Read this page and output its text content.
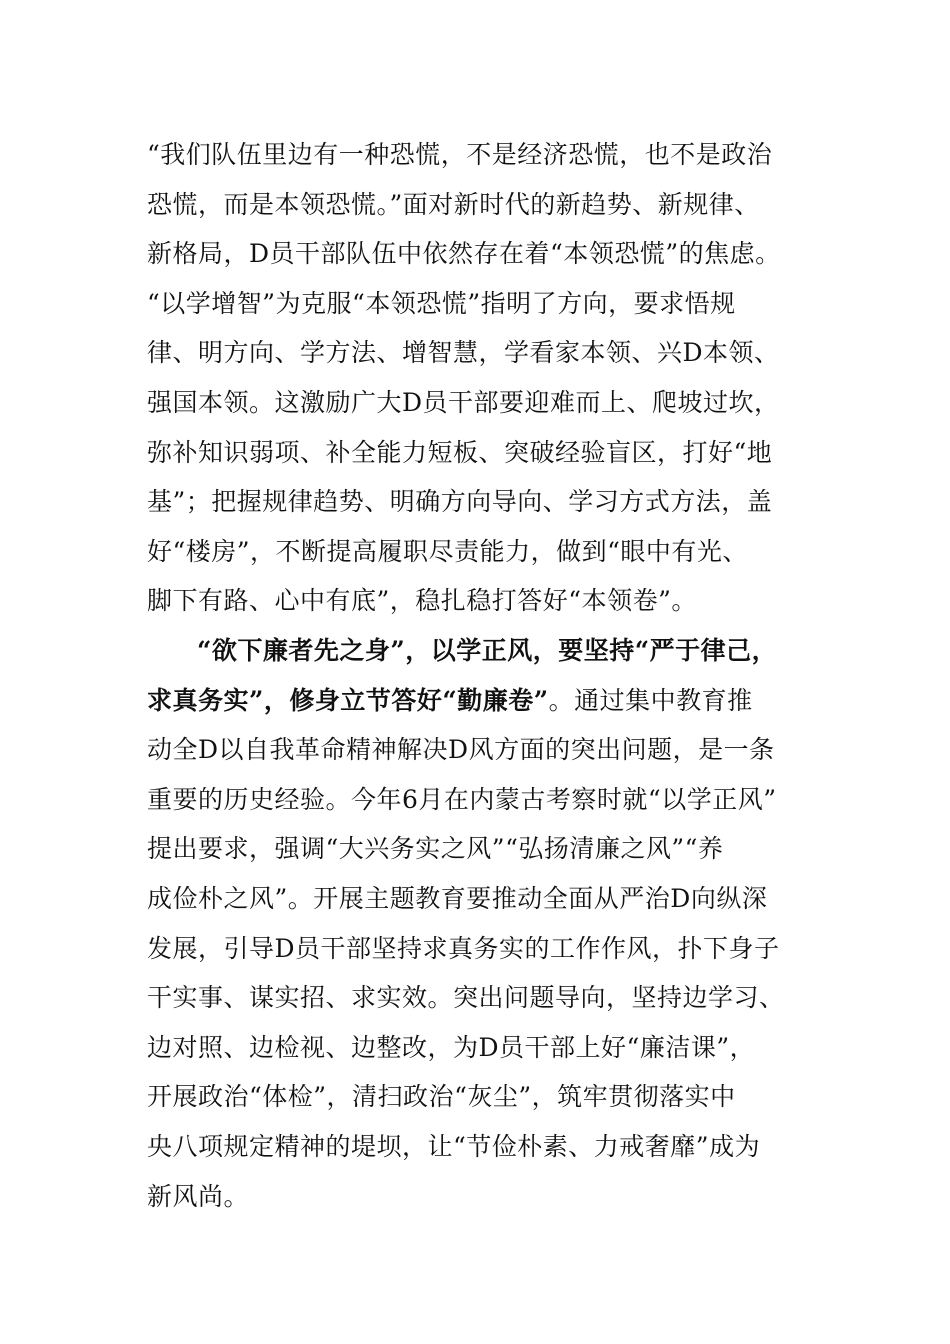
“我们队伍里边有一种恐慌，不是经济恐慌，也不是政治
恐慌，而是本领恐慌。”面对新时代的新趋势、新规律、
新格局，D员干部队伍中依然存在着“本领恐慌”的焦虑。
“以学增智”为克服“本领恐慌”指明了方向，要求悟规
律、明方向、学方法、增智慧，学看家本领、兴D本领、
强国本领。这激励广大D员干部要迎难而上、爬坡过坎，
弥补知识弱项、补全能力短板、突破经验盲区，打好“地
基”；把握规律趋势、明确方向导向、学习方式方法，盖
好“楼房”，不断提高履职尽责能力，做到“眼中有光、
脚下有路、心中有底”，稳扎稳打答好“本领卷”。
“欲下廉者先之身”，以学正风，要坚持“严于律己，
求真务实”，修身立节答好“勤廉卷”。通过集中教育推
动全D以自我革命精神解决D风方面的突出问题，是一条
重要的历史经验。今年6月在内蒙古考察时就“以学正风”
提出要求，强调“大兴务实之风”“弘扬清廉之风”“养
成俭朴之风”。开展主题教育要推动全面从严治D向纵深
发展，引导D员干部坚持求真务实的工作作风，扑下身子
干实事、谋实招、求实效。突出问题导向，坚持边学习、
边对照、边检视、边整改，为D员干部上好“廉洁课”，
开展政治“体检”，清扫政治“灰尘”，筑牢贯彻落实中
央八项规定精神的堤坝，让“节俭朴素、力戒奢靡”成为
新风尚。
